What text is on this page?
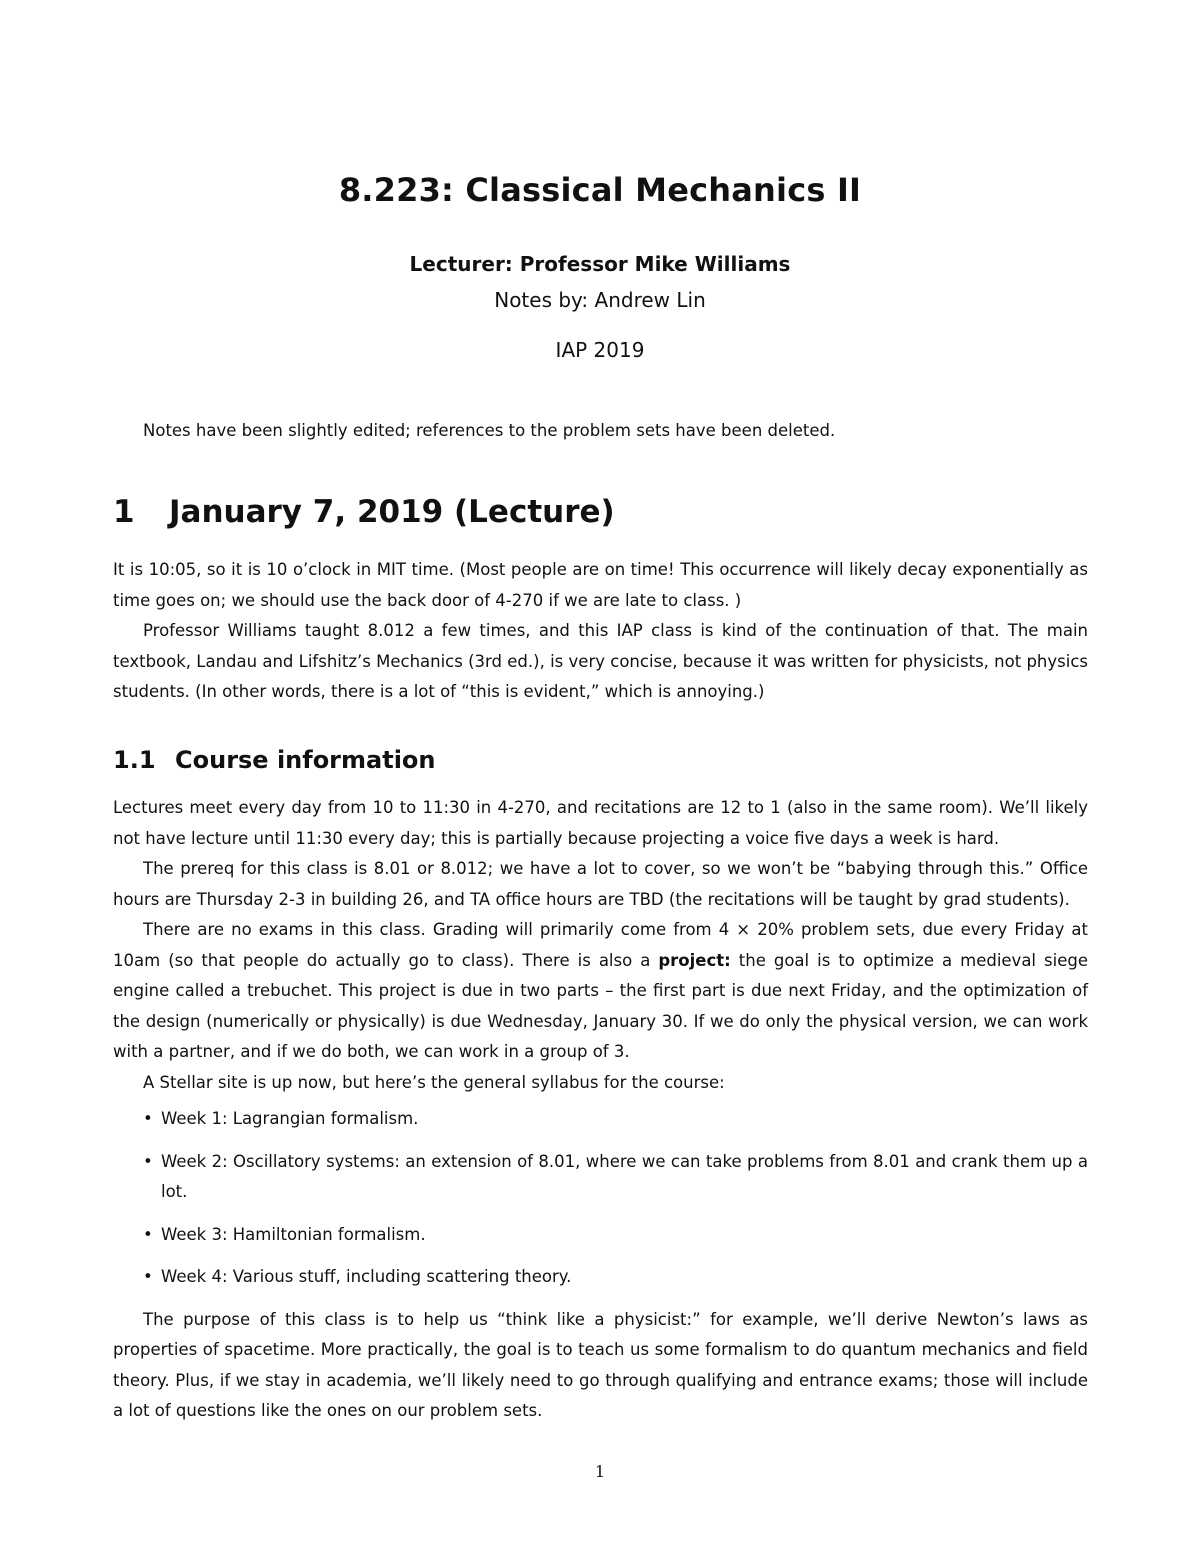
8.223: Classical Mechanics II
Lecturer: Professor Mike Williams
Notes by: Andrew Lin
IAP 2019
Notes have been slightly edited; references to the problem sets have been deleted.
1 January 7, 2019 (Lecture)

It is 10:05, so it is 10 o’clock in MIT time. (Most people are on time! This occurrence will likely decay exponentially as time goes on; we should use the back door of 4-270 if we are late to class. )

Professor Williams taught 8.012 a few times, and this IAP class is kind of the continuation of that. The main textbook, Landau and Lifshitz’s Mechanics (3rd ed.), is very concise, because it was written for physicists, not physics students. (In other words, there is a lot of “this is evident,” which is annoying.)

1.1 Course information

Lectures meet every day from 10 to 11:30 in 4-270, and recitations are 12 to 1 (also in the same room). We’ll likely not have lecture until 11:30 every day; this is partially because projecting a voice five days a week is hard.

The prereq for this class is 8.01 or 8.012; we have a lot to cover, so we won’t be “babying through this.” Office hours are Thursday 2-3 in building 26, and TA office hours are TBD (the recitations will be taught by grad students).

There are no exams in this class. Grading will primarily come from 4 × 20% problem sets, due every Friday at 10am (so that people do actually go to class). There is also a project: the goal is to optimize a medieval siege engine called a trebuchet. This project is due in two parts – the first part is due next Friday, and the optimization of the design (numerically or physically) is due Wednesday, January 30. If we do only the physical version, we can work with a partner, and if we do both, we can work in a group of 3.

A Stellar site is up now, but here’s the general syllabus for the course:

• Week 1: Lagrangian formalism.
• Week 2: Oscillatory systems: an extension of 8.01, where we can take problems from 8.01 and crank them up a lot.
• Week 3: Hamiltonian formalism.
• Week 4: Various stuff, including scattering theory.

The purpose of this class is to help us “think like a physicist:” for example, we’ll derive Newton’s laws as properties of spacetime. More practically, the goal is to teach us some formalism to do quantum mechanics and field theory. Plus, if we stay in academia, we’ll likely need to go through qualifying and entrance exams; those will include a lot of questions like the ones on our problem sets.

1
